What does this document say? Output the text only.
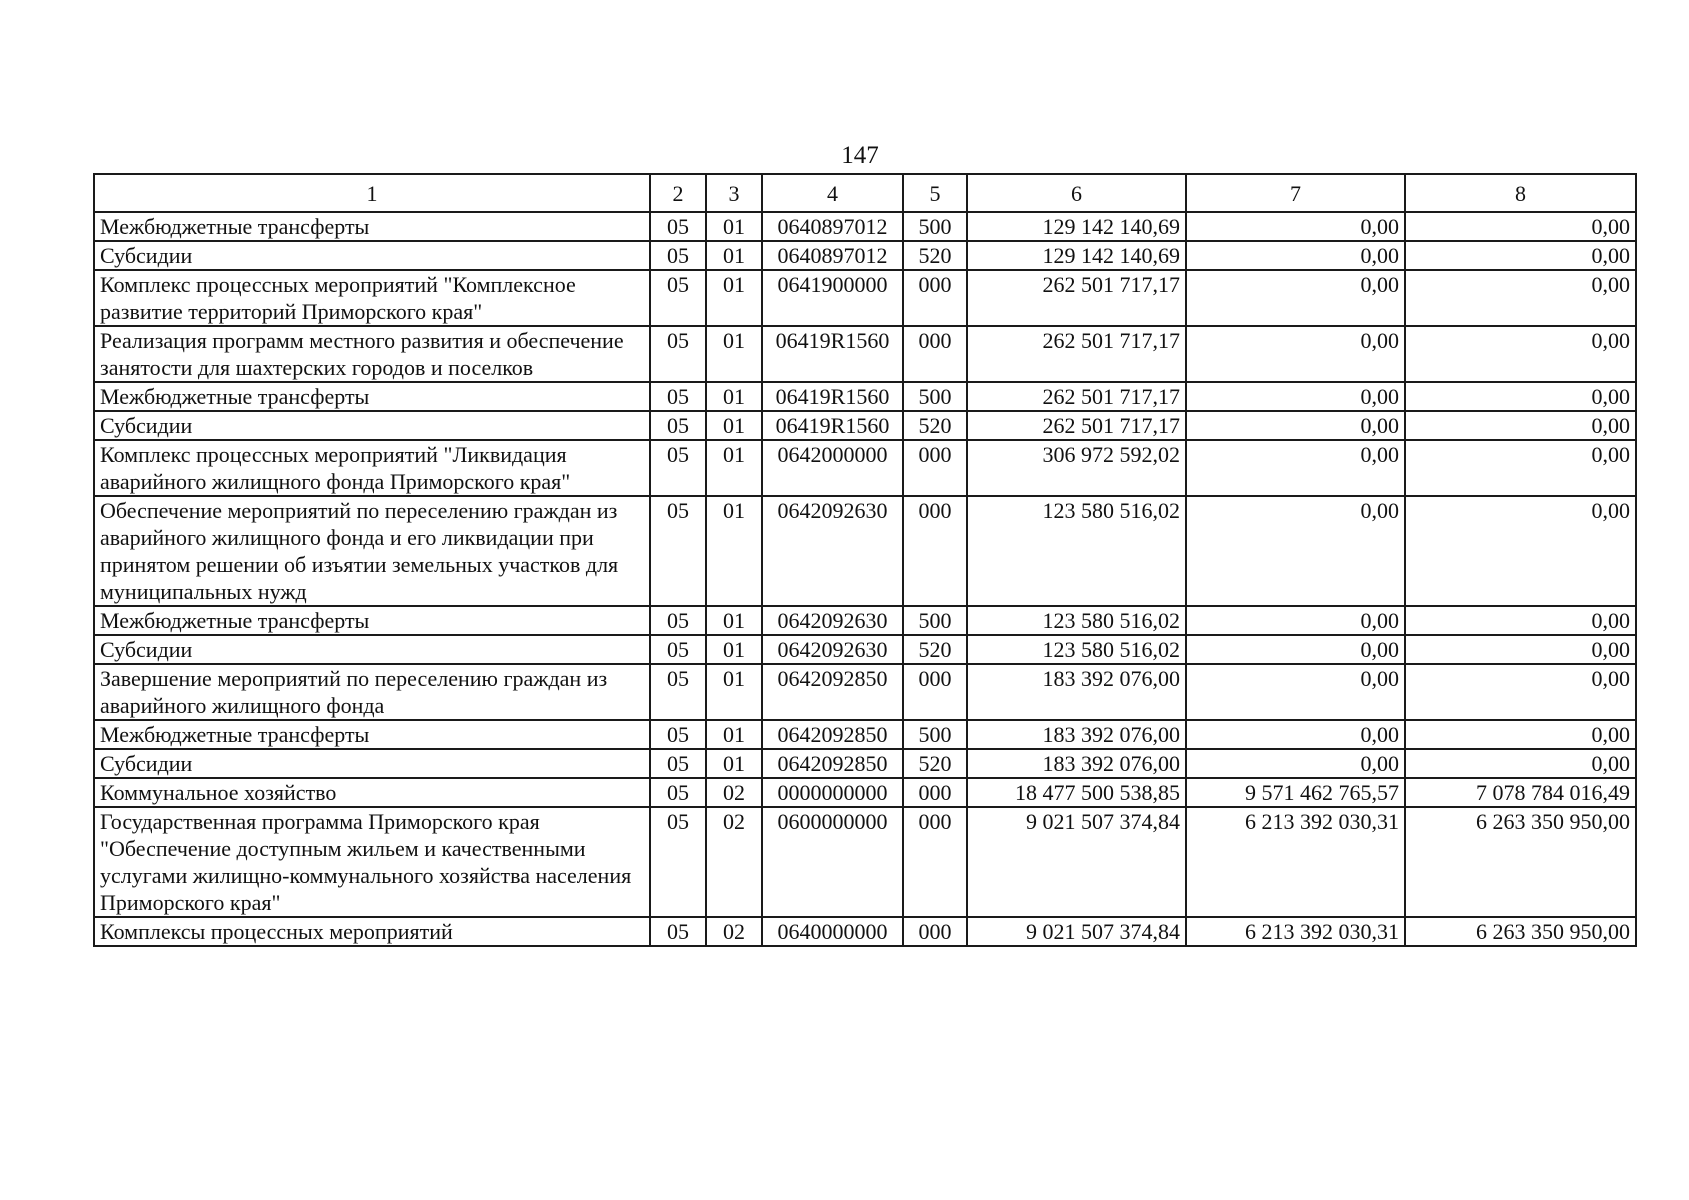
147
1	2	3	4	5	6	7	8
Межбюджетные трансферты	05	01	0640897012	500	129 142 140,69	0,00	0,00
Субсидии	05	01	0640897012	520	129 142 140,69	0,00	0,00
Комплекс процессных мероприятий "Комплексное развитие территорий Приморского края"	05	01	0641900000	000	262 501 717,17	0,00	0,00
Реализация программ местного развития и обеспечение занятости для шахтерских городов и поселков	05	01	06419R1560	000	262 501 717,17	0,00	0,00
Межбюджетные трансферты	05	01	06419R1560	500	262 501 717,17	0,00	0,00
Субсидии	05	01	06419R1560	520	262 501 717,17	0,00	0,00
Комплекс процессных мероприятий "Ликвидация аварийного жилищного фонда Приморского края"	05	01	0642000000	000	306 972 592,02	0,00	0,00
Обеспечение мероприятий по переселению граждан из аварийного жилищного фонда и его ликвидации при принятом решении об изъятии земельных участков для муниципальных нужд	05	01	0642092630	000	123 580 516,02	0,00	0,00
Межбюджетные трансферты	05	01	0642092630	500	123 580 516,02	0,00	0,00
Субсидии	05	01	0642092630	520	123 580 516,02	0,00	0,00
Завершение мероприятий по переселению граждан из аварийного жилищного фонда	05	01	0642092850	000	183 392 076,00	0,00	0,00
Межбюджетные трансферты	05	01	0642092850	500	183 392 076,00	0,00	0,00
Субсидии	05	01	0642092850	520	183 392 076,00	0,00	0,00
Коммунальное хозяйство	05	02	0000000000	000	18 477 500 538,85	9 571 462 765,57	7 078 784 016,49
Государственная программа Приморского края "Обеспечение доступным жильем и качественными услугами жилищно-коммунального хозяйства населения Приморского края"	05	02	0600000000	000	9 021 507 374,84	6 213 392 030,31	6 263 350 950,00
Комплексы процессных мероприятий	05	02	0640000000	000	9 021 507 374,84	6 213 392 030,31	6 263 350 950,00
